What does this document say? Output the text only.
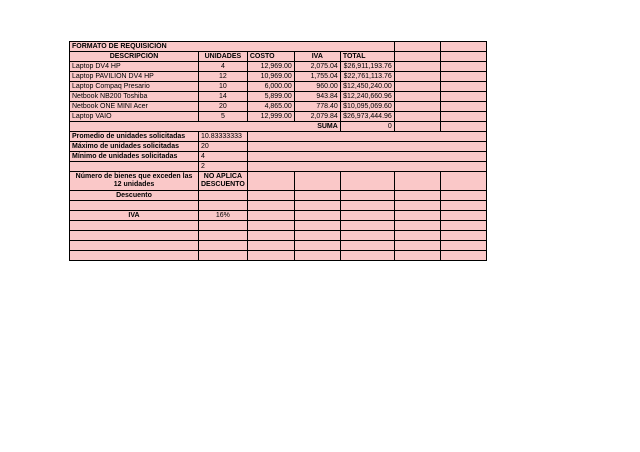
FORMATO DE REQUISICIÓN						
DESCRIPCIÓN	UNIDADES	COSTO	IVA	TOTAL		
Laptop DV4 HP	4	12,969.00	2,075.04	$26,911,193.76		
Laptop PAVILION DV4 HP	12	10,969.00	1,755.04	$22,761,113.76		
Laptop Compaq Presario	10	6,000.00	960.00	$12,450,240.00		
Netbook NB200 Toshiba	14	5,899.00	943.84	$12,240,660.96		
Netbook ONE MINI Acer	20	4,865.00	778.40	$10,095,069.60		
Laptop VAIO	5	12,999.00	2,079.84	$26,973,444.96		
SUMA				0		
Promedio de unidades solicitadas	10.83333333					
Máximo de unidades solicitadas	20					
Mínimo de unidades solicitadas	4					
	2					
Número de bienes que exceden las 12 unidades	NO APLICA DESCUENTO					
Descuento						

IVA	16%					
